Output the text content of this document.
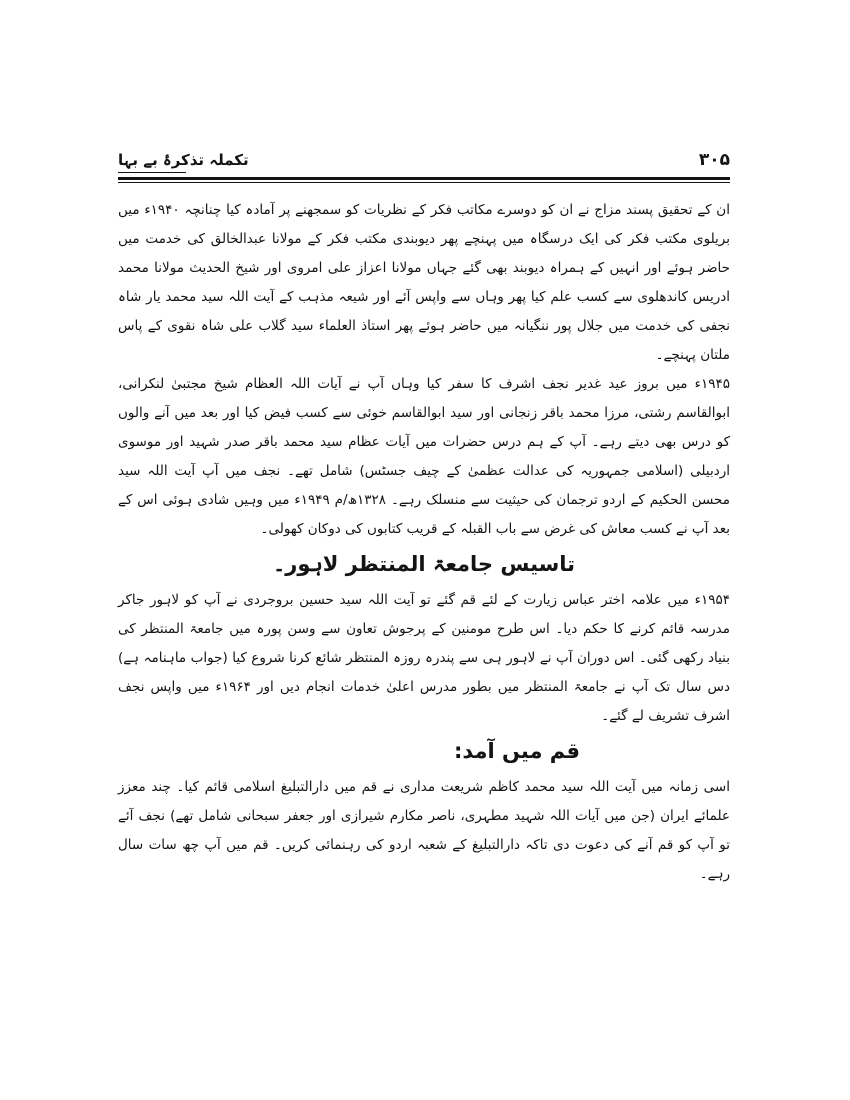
تکملہ تذکرۂ بے بہا	۳۰۵

ان کے تحقیق پسند مزاج نے ان کو دوسرے مکاتب فکر کے نظریات کو سمجھنے پر آمادہ کیا چنانچہ ۱۹۴۰ء میں بریلوی مکتب فکر کی ایک درسگاہ میں پہنچے پھر دیوبندی مکتب فکر کے مولانا عبدالخالق کی خدمت میں حاضر ہوئے اور انہیں کے ہمراہ دیوبند بھی گئے جہاں مولانا اعزاز علی امروی اور شیخ الحدیث مولانا محمد ادریس کاندھلوی سے کسب علم کیا پھر وہاں سے واپس آئے اور شیعہ مذہب کے آیت اللہ سید محمد یار شاہ نجفی کی خدمت میں جلال پور ننگیانہ میں حاضر ہوئے پھر استاذ العلماء سید گلاب علی شاہ نقوی کے پاس ملتان پہنچے۔

۱۹۴۵ء میں بروز عید غدیر نجف اشرف کا سفر کیا وہاں آپ نے آیات اللہ العظام شیخ مجتبیٰ لنکرانی، ابوالقاسم رشتی، مرزا محمد باقر زنجانی اور سید ابوالقاسم خوئی سے کسب فیض کیا اور بعد میں آنے والوں کو درس بھی دیتے رہے۔ آپ کے ہم درس حضرات میں آیات عظام سید محمد باقر صدر شہید اور موسوی اردبیلی (اسلامی جمہوریہ کی عدالت عظمیٰ کے چیف جسٹس) شامل تھے۔ نجف میں آپ آیت اللہ سید محسن الحکیم کے اردو ترجمان کی حیثیت سے منسلک رہے۔ ۱۳۲۸ھ/م ۱۹۴۹ء میں وہیں شادی ہوئی اس کے بعد آپ نے کسب معاش کی غرض سے باب القبلہ کے قریب کتابوں کی دوکان کھولی۔

تاسیس جامعۃ المنتظر لاہور۔

۱۹۵۴ء میں علامہ اختر عباس زیارت کے لئے قم گئے تو آیت اللہ سید حسین بروجردی نے آپ کو لاہور جاکر مدرسہ قائم کرنے کا حکم دیا۔ اس طرح مومنین کے پرجوش تعاون سے وسن پورہ میں جامعۃ المنتظر کی بنیاد رکھی گئی۔ اس دوران آپ نے لاہور ہی سے پندرہ روزہ المنتظر شائع کرنا شروع کیا (جواب ماہنامہ ہے) دس سال تک آپ نے جامعۃ المنتظر میں بطور مدرس اعلیٰ خدمات انجام دیں اور ۱۹۶۴ء میں واپس نجف اشرف تشریف لے گئے۔

قم میں آمد:

اسی زمانہ میں آیت اللہ سید محمد کاظم شریعت مداری نے قم میں دارالتبلیغ اسلامی قائم کیا۔ چند معزز علمائے ایران (جن میں آیات اللہ شہید مطہری، ناصر مکارم شیرازی اور جعفر سبحانی شامل تھے) نجف آئے تو آپ کو قم آنے کی دعوت دی تاکہ دارالتبلیغ کے شعبہ اردو کی رہنمائی کریں۔ قم میں آپ چھ سات سال رہے۔
